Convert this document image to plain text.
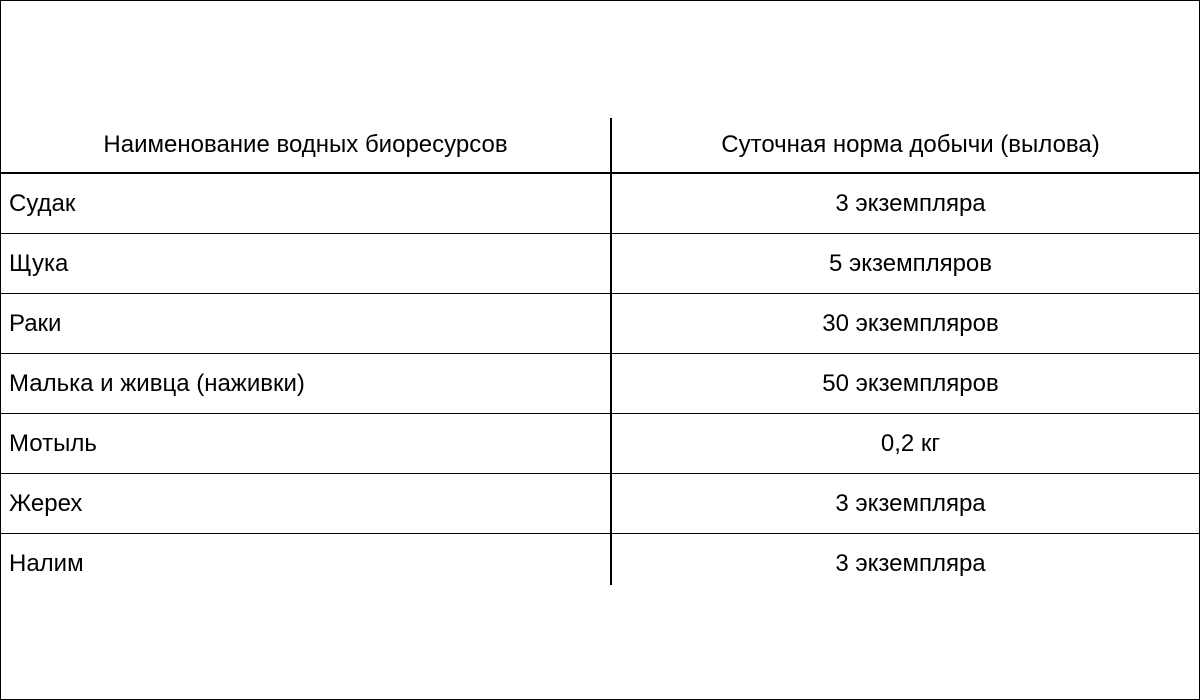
Наименование водных биоресурсов	Суточная норма добычи (вылова)
Судак	3 экземпляра
Щука	5 экземпляров
Раки	30 экземпляров
Малька и живца (наживки)	50 экземпляров
Мотыль	0,2 кг
Жерех	3 экземпляра
Налим	3 экземпляра
